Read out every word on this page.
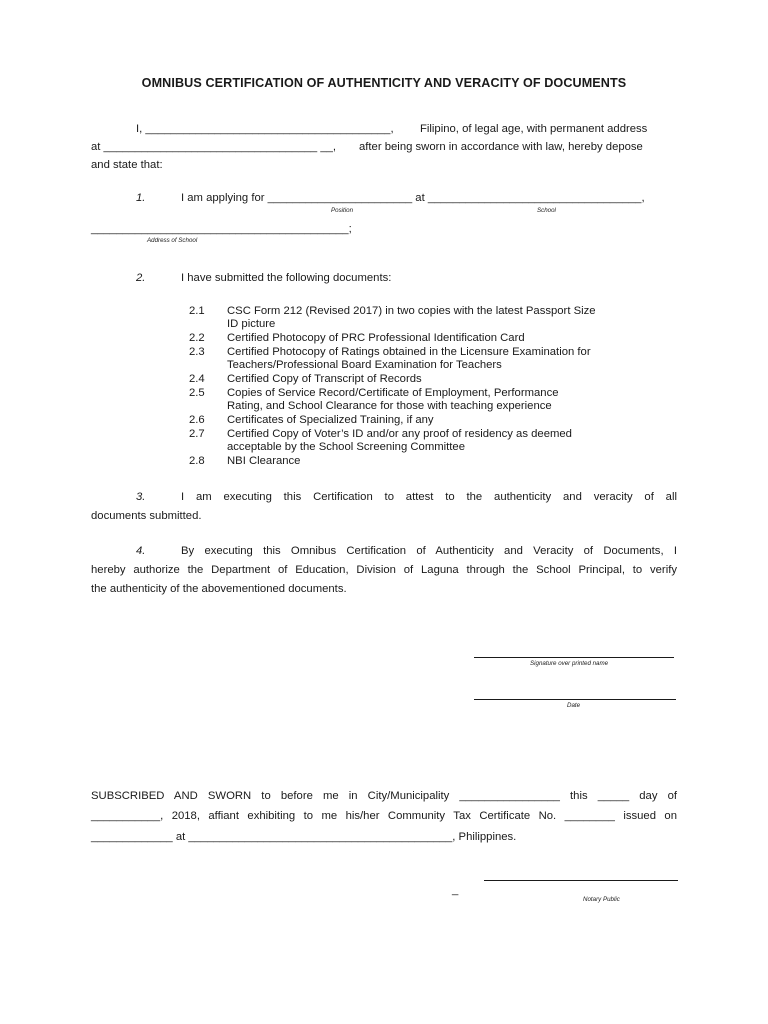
OMNIBUS CERTIFICATION OF AUTHENTICITY AND VERACITY OF DOCUMENTS
I, _______________________________________, Filipino, of legal age, with permanent address
at __________________________________ __, after being sworn in accordance with law, hereby depose
and state that:
1.	I am applying for _______________________ at __________________________________,
Position	School
_________________________________________;
Address of School
2.	I have submitted the following documents:
2.1 CSC Form 212 (Revised 2017) in two copies with the latest Passport Size
ID picture
2.2 Certified Photocopy of PRC Professional Identification Card
2.3 Certified Photocopy of Ratings obtained in the Licensure Examination for
Teachers/Professional Board Examination for Teachers
2.4 Certified Copy of Transcript of Records
2.5 Copies of Service Record/Certificate of Employment, Performance
Rating, and School Clearance for those with teaching experience
2.6 Certificates of Specialized Training, if any
2.7 Certified Copy of Voter’s ID and/or any proof of residency as deemed
acceptable by the School Screening Committee
2.8 NBI Clearance
3.	I am executing this Certification to attest to the authenticity and veracity of all
documents submitted.
4.	By executing this Omnibus Certification of Authenticity and Veracity of Documents, I
hereby authorize the Department of Education, Division of Laguna through the School Principal, to verify
the authenticity of the abovementioned documents.
Signature over printed name
Date
SUBSCRIBED AND SWORN to before me in City/Municipality ________________ this _____ day of
___________, 2018, affiant exhibiting to me his/her Community Tax Certificate No. ________ issued on
_____________ at __________________________________________, Philippines.
_
Notary Public
